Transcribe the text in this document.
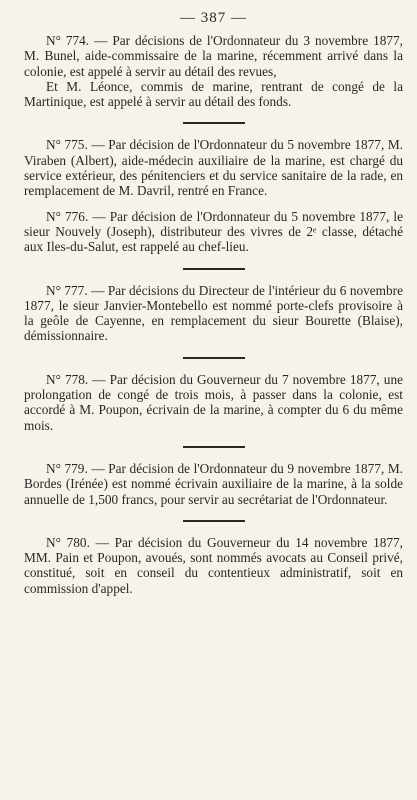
— 387 —

N° 774. — Par décisions de l'Ordonnateur du 3 novembre 1877, M. Bunel, aide-commissaire de la marine, récemment arrivé dans la colonie, est appelé à servir au détail des revues,

Et M. Léonce, commis de marine, rentrant de congé de la Martinique, est appelé à servir au détail des fonds.

N° 775. — Par décision de l'Ordonnateur du 5 novembre 1877, M. Viraben (Albert), aide-médecin auxiliaire de la marine, est chargé du service extérieur, des pénitenciers et du service sanitaire de la rade, en remplacement de M. Davril, rentré en France.

N° 776. — Par décision de l'Ordonnateur du 5 novembre 1877, le sieur Nouvely (Joseph), distributeur des vivres de 2ᵉ classe, détaché aux Iles-du-Salut, est rappelé au chef-lieu.

N° 777. — Par décisions du Directeur de l'intérieur du 6 novembre 1877, le sieur Janvier-Montebello est nommé porte-clefs provisoire à la geôle de Cayenne, en remplacement du sieur Bourette (Blaise), démissionnaire.

N° 778. — Par décision du Gouverneur du 7 novembre 1877, une prolongation de congé de trois mois, à passer dans la colonie, est accordé à M. Poupon, écrivain de la marine, à compter du 6 du même mois.

N° 779. — Par décision de l'Ordonnateur du 9 novembre 1877, M. Bordes (Irénée) est nommé écrivain auxiliaire de la marine, à la solde annuelle de 1,500 francs, pour servir au secrétariat de l'Ordonnateur.

N° 780. — Par décision du Gouverneur du 14 novembre 1877, MM. Pain et Poupon, avoués, sont nommés avocats au Conseil privé, constitué, soit en conseil du contentieux administratif, soit en commission d'appel.
